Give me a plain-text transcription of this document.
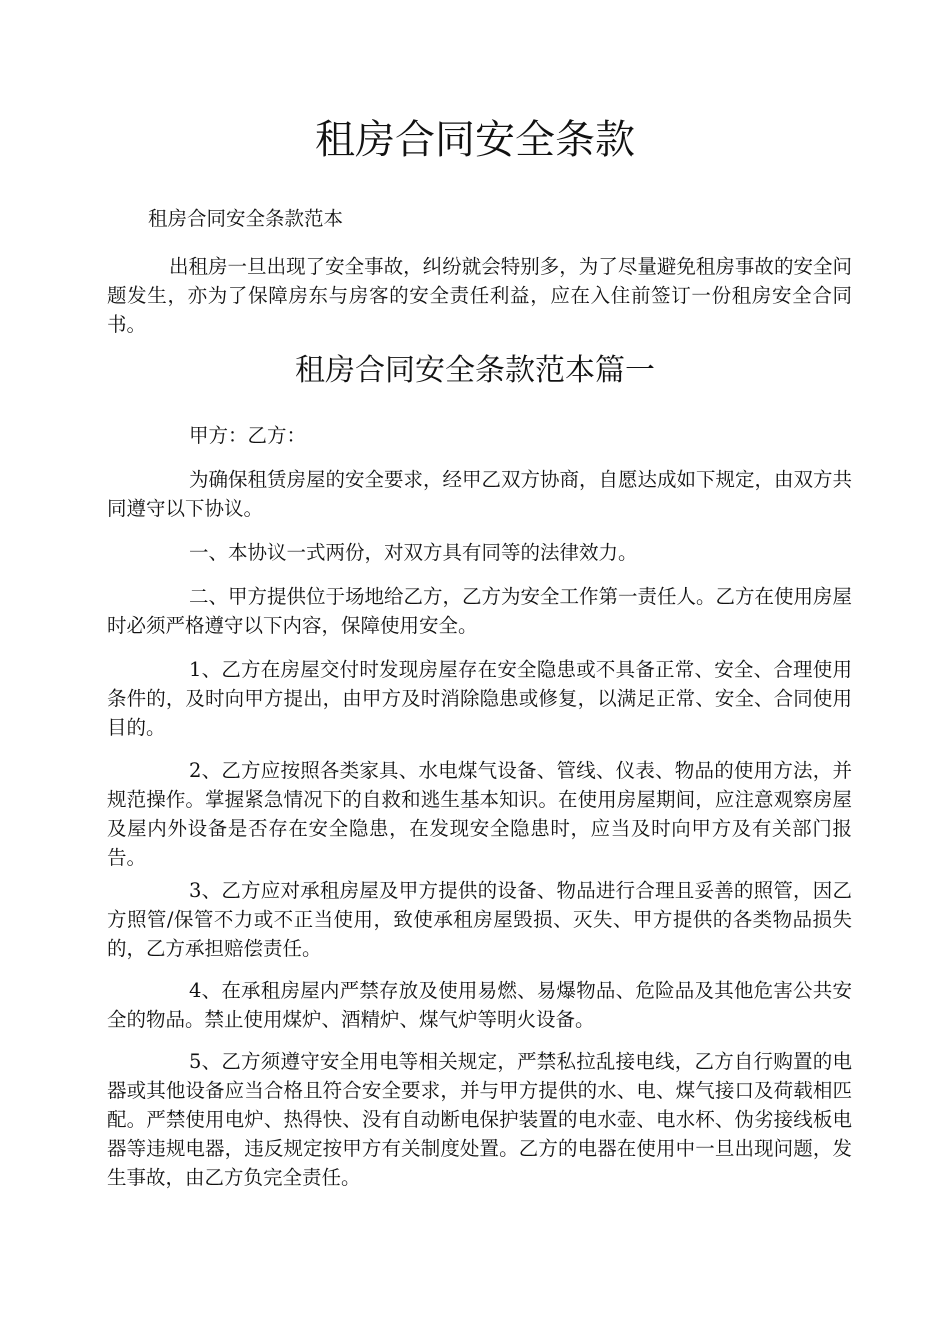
租房合同安全条款

租房合同安全条款范本

出租房一旦出现了安全事故，纠纷就会特别多，为了尽量避免租房事故的安全问题发生，亦为了保障房东与房客的安全责任利益，应在入住前签订一份租房安全合同书。

租房合同安全条款范本篇一

甲方：乙方：

为确保租赁房屋的安全要求，经甲乙双方协商，自愿达成如下规定，由双方共同遵守以下协议。

一、本协议一式两份，对双方具有同等的法律效力。

二、甲方提供位于场地给乙方，乙方为安全工作第一责任人。乙方在使用房屋时必须严格遵守以下内容，保障使用安全。

1、乙方在房屋交付时发现房屋存在安全隐患或不具备正常、安全、合理使用条件的，及时向甲方提出，由甲方及时消除隐患或修复，以满足正常、安全、合同使用目的。

2、乙方应按照各类家具、水电煤气设备、管线、仪表、物品的使用方法，并规范操作。掌握紧急情况下的自救和逃生基本知识。在使用房屋期间，应注意观察房屋及屋内外设备是否存在安全隐患，在发现安全隐患时，应当及时向甲方及有关部门报告。

3、乙方应对承租房屋及甲方提供的设备、物品进行合理且妥善的照管，因乙方照管/保管不力或不正当使用，致使承租房屋毁损、灭失、甲方提供的各类物品损失的，乙方承担赔偿责任。

4、在承租房屋内严禁存放及使用易燃、易爆物品、危险品及其他危害公共安全的物品。禁止使用煤炉、酒精炉、煤气炉等明火设备。

5、乙方须遵守安全用电等相关规定，严禁私拉乱接电线，乙方自行购置的电器或其他设备应当合格且符合安全要求，并与甲方提供的水、电、煤气接口及荷载相匹配。严禁使用电炉、热得快、没有自动断电保护装置的电水壶、电水杯、伪劣接线板电器等违规电器，违反规定按甲方有关制度处置。乙方的电器在使用中一旦出现问题，发生事故，由乙方负完全责任。
